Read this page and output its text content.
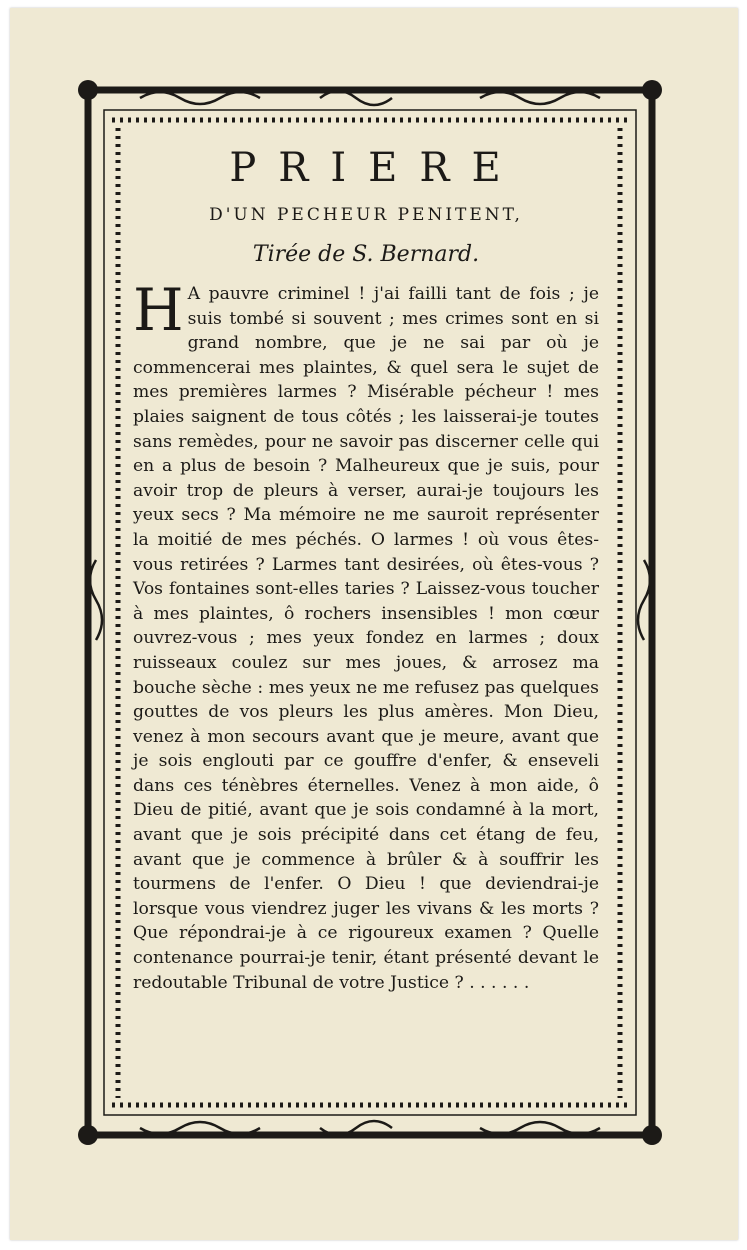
PRIERE
D'UN PECHEUR PENITENT,
Tirée de S. Bernard.
H A pauvre criminel ! j'ai failli tant de fois ; je suis tombé si souvent ; mes crimes sont en si grand nombre, que je ne sai par où je commencerai mes plaintes, & quel sera le sujet de mes premières larmes ? Misérable pécheur ! mes plaies saignent de tous côtés ; les laisserai-je toutes sans remèdes, pour ne savoir pas discerner celle qui en a plus de besoin ? Malheureux que je suis, pour avoir trop de pleurs à verser, aurai-je toujours les yeux secs ? Ma mémoire ne me sauroit représenter la moitié de mes péchés. O larmes ! où vous êtes-vous retirées ? Larmes tant desirées, où êtes-vous ? Vos fontaines sont-elles taries ? Laissez-vous toucher à mes plaintes, ô rochers insensibles ! mon cœur ouvrez-vous ; mes yeux fondez en larmes ; doux ruisseaux coulez sur mes joues, & arrosez ma bouche sèche : mes yeux ne me refusez pas quelques gouttes de vos pleurs les plus amères. Mon Dieu, venez à mon secours avant que je meure, avant que je sois englouti par ce gouffre d'enfer, & enseveli dans ces ténèbres éternelles. Venez à mon aide, ô Dieu de pitié, avant que je sois condamné à la mort, avant que je sois précipité dans cet étang de feu, avant que je commence à brûler & à souffrir les tourmens de l'enfer. O Dieu ! que deviendrai-je lorsque vous viendrez juger les vivans & les morts ? Que répondrai-je à ce rigoureux examen ? Quelle contenance pourrai-je tenir, étant présenté devant le redoutable Tribunal de votre Justice ? . . . . . .
